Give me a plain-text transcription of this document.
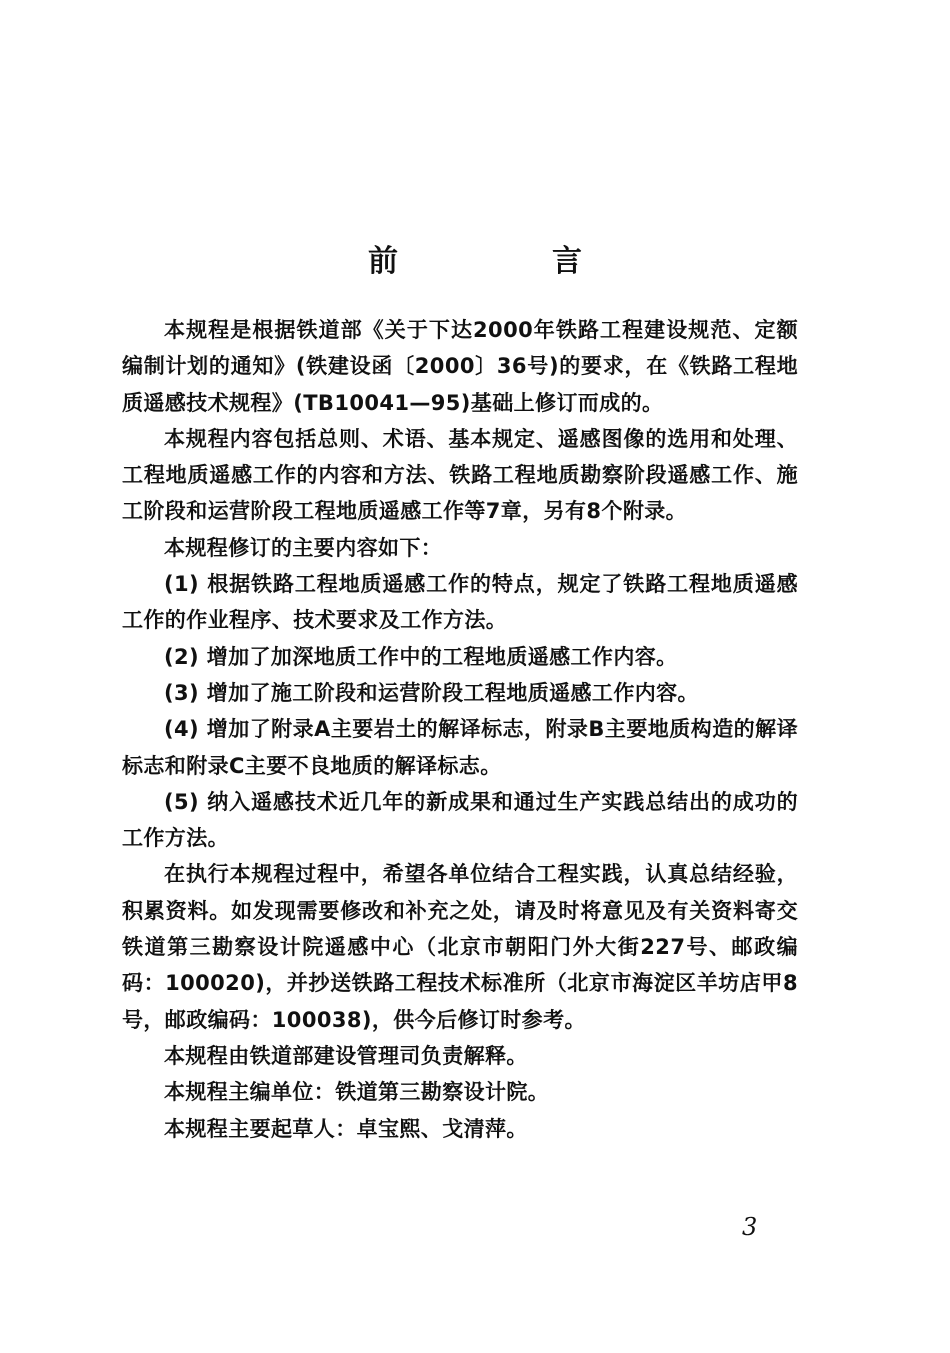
前　言

本规程是根据铁道部《关于下达2000年铁路工程建设规范、定额编制计划的通知》(铁建设函〔2000〕36号)的要求，在《铁路工程地质遥感技术规程》(TB10041—95)基础上修订而成的。

本规程内容包括总则、术语、基本规定、遥感图像的选用和处理、工程地质遥感工作的内容和方法、铁路工程地质勘察阶段遥感工作、施工阶段和运营阶段工程地质遥感工作等7章，另有8个附录。

本规程修订的主要内容如下：

(1) 根据铁路工程地质遥感工作的特点，规定了铁路工程地质遥感工作的作业程序、技术要求及工作方法。

(2) 增加了加深地质工作中的工程地质遥感工作内容。

(3) 增加了施工阶段和运营阶段工程地质遥感工作内容。

(4) 增加了附录A主要岩土的解译标志，附录B主要地质构造的解译标志和附录C主要不良地质的解译标志。

(5) 纳入遥感技术近几年的新成果和通过生产实践总结出的成功的工作方法。

在执行本规程过程中，希望各单位结合工程实践，认真总结经验，积累资料。如发现需要修改和补充之处，请及时将意见及有关资料寄交铁道第三勘察设计院遥感中心（北京市朝阳门外大街227号、邮政编码：100020)，并抄送铁路工程技术标准所（北京市海淀区羊坊店甲8号，邮政编码：100038)，供今后修订时参考。

本规程由铁道部建设管理司负责解释。

本规程主编单位：铁道第三勘察设计院。

本规程主要起草人：卓宝熙、戈清萍。

3
